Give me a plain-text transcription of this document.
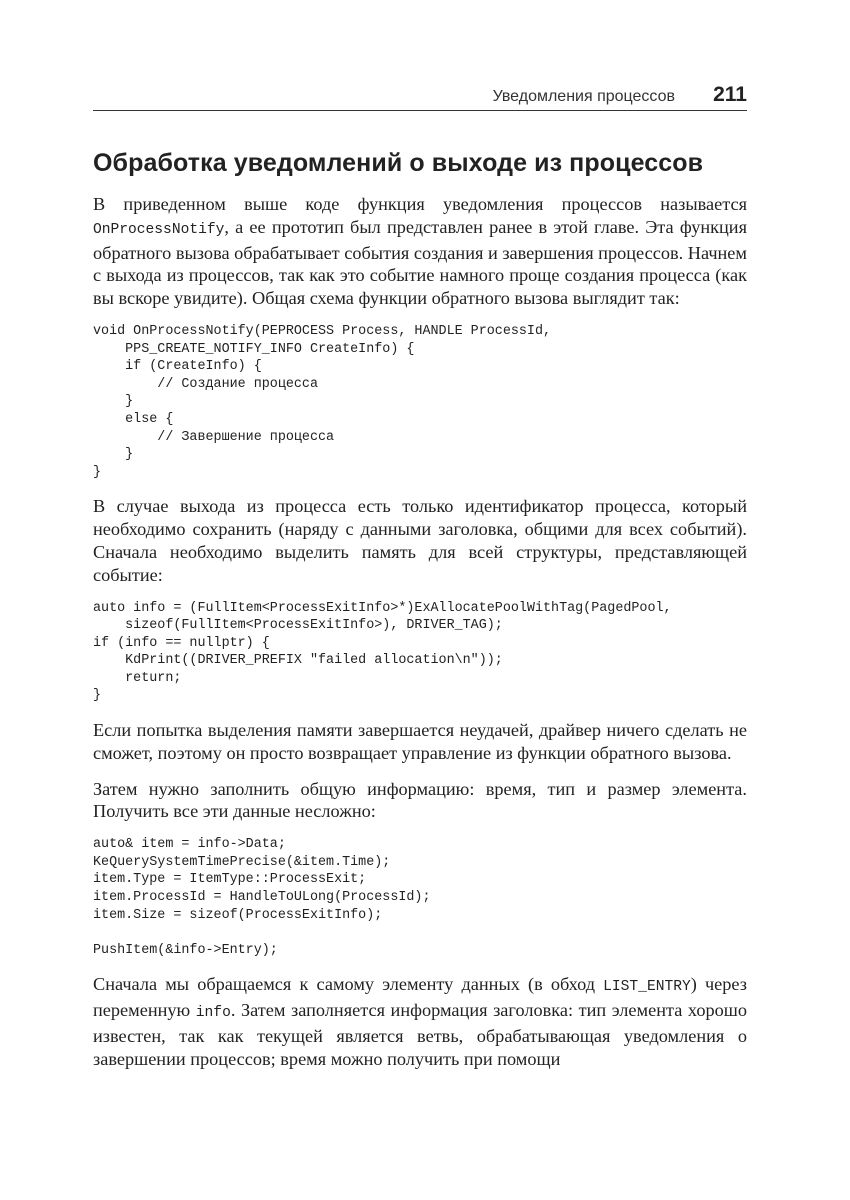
Уведомления процессов 211
Обработка уведомлений о выходе из процессов

В приведенном выше коде функция уведомления процессов называется OnProcessNotify, а ее прототип был представлен ранее в этой главе. Эта функция обратного вызова обрабатывает события создания и завершения процессов. Начнем с выхода из процессов, так как это событие намного проще создания процесса (как вы вскоре увидите). Общая схема функции обратного вызова выглядит так:

void OnProcessNotify(PEPROCESS Process, HANDLE ProcessId,
PPS_CREATE_NOTIFY_INFO CreateInfo) {
if (CreateInfo) {
// Создание процесса
}
else {
// Завершение процесса
}
}

В случае выхода из процесса есть только идентификатор процесса, который необходимо сохранить (наряду с данными заголовка, общими для всех событий). Сначала необходимо выделить память для всей структуры, представляющей событие:

auto info = (FullItem<ProcessExitInfo>*)ExAllocatePoolWithTag(PagedPool,
sizeof(FullItem<ProcessExitInfo>), DRIVER_TAG);
if (info == nullptr) {
KdPrint((DRIVER_PREFIX "failed allocation\n"));
return;
}

Если попытка выделения памяти завершается неудачей, драйвер ничего сделать не сможет, поэтому он просто возвращает управление из функции обратного вызова.

Затем нужно заполнить общую информацию: время, тип и размер элемента. Получить все эти данные несложно:

auto& item = info->Data;
KeQuerySystemTimePrecise(&item.Time);
item.Type = ItemType::ProcessExit;
item.ProcessId = HandleToULong(ProcessId);
item.Size = sizeof(ProcessExitInfo);

PushItem(&info->Entry);

Сначала мы обращаемся к самому элементу данных (в обход LIST_ENTRY) через переменную info. Затем заполняется информация заголовка: тип элемента хорошо известен, так как текущей является ветвь, обрабатывающая уведомления о завершении процессов; время можно получить при помощи
